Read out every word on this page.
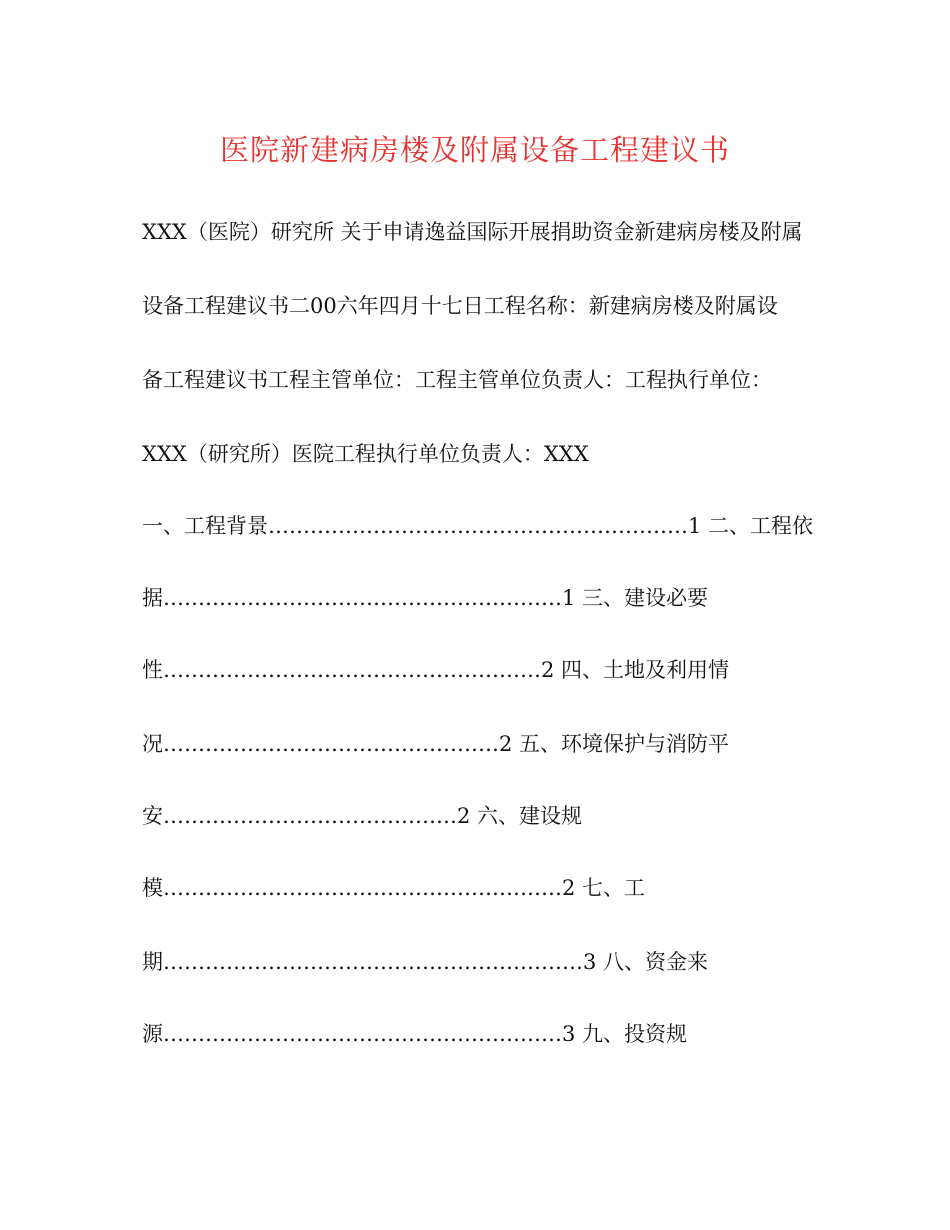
医院新建病房楼及附属设备工程建议书
XXX（医院）研究所 关于申请逸益国际开展捐助资金新建病房楼及附属
设备工程建议书二00六年四月十七日工程名称：新建病房楼及附属设
备工程建议书工程主管单位：工程主管单位负责人：工程执行单位：
XXX（研究所）医院工程执行单位负责人：XXX
一、工程背景……………………………………………………1 二、工程依
据…………………………………………………1 三、建设必要
性………………………………………………2 四、土地及利用情
况…………………………………………2 五、环境保护与消防平
安……………………………………2 六、建设规
模…………………………………………………2 七、工
期……………………………………………………3 八、资金来
源…………………………………………………3 九、投资规
